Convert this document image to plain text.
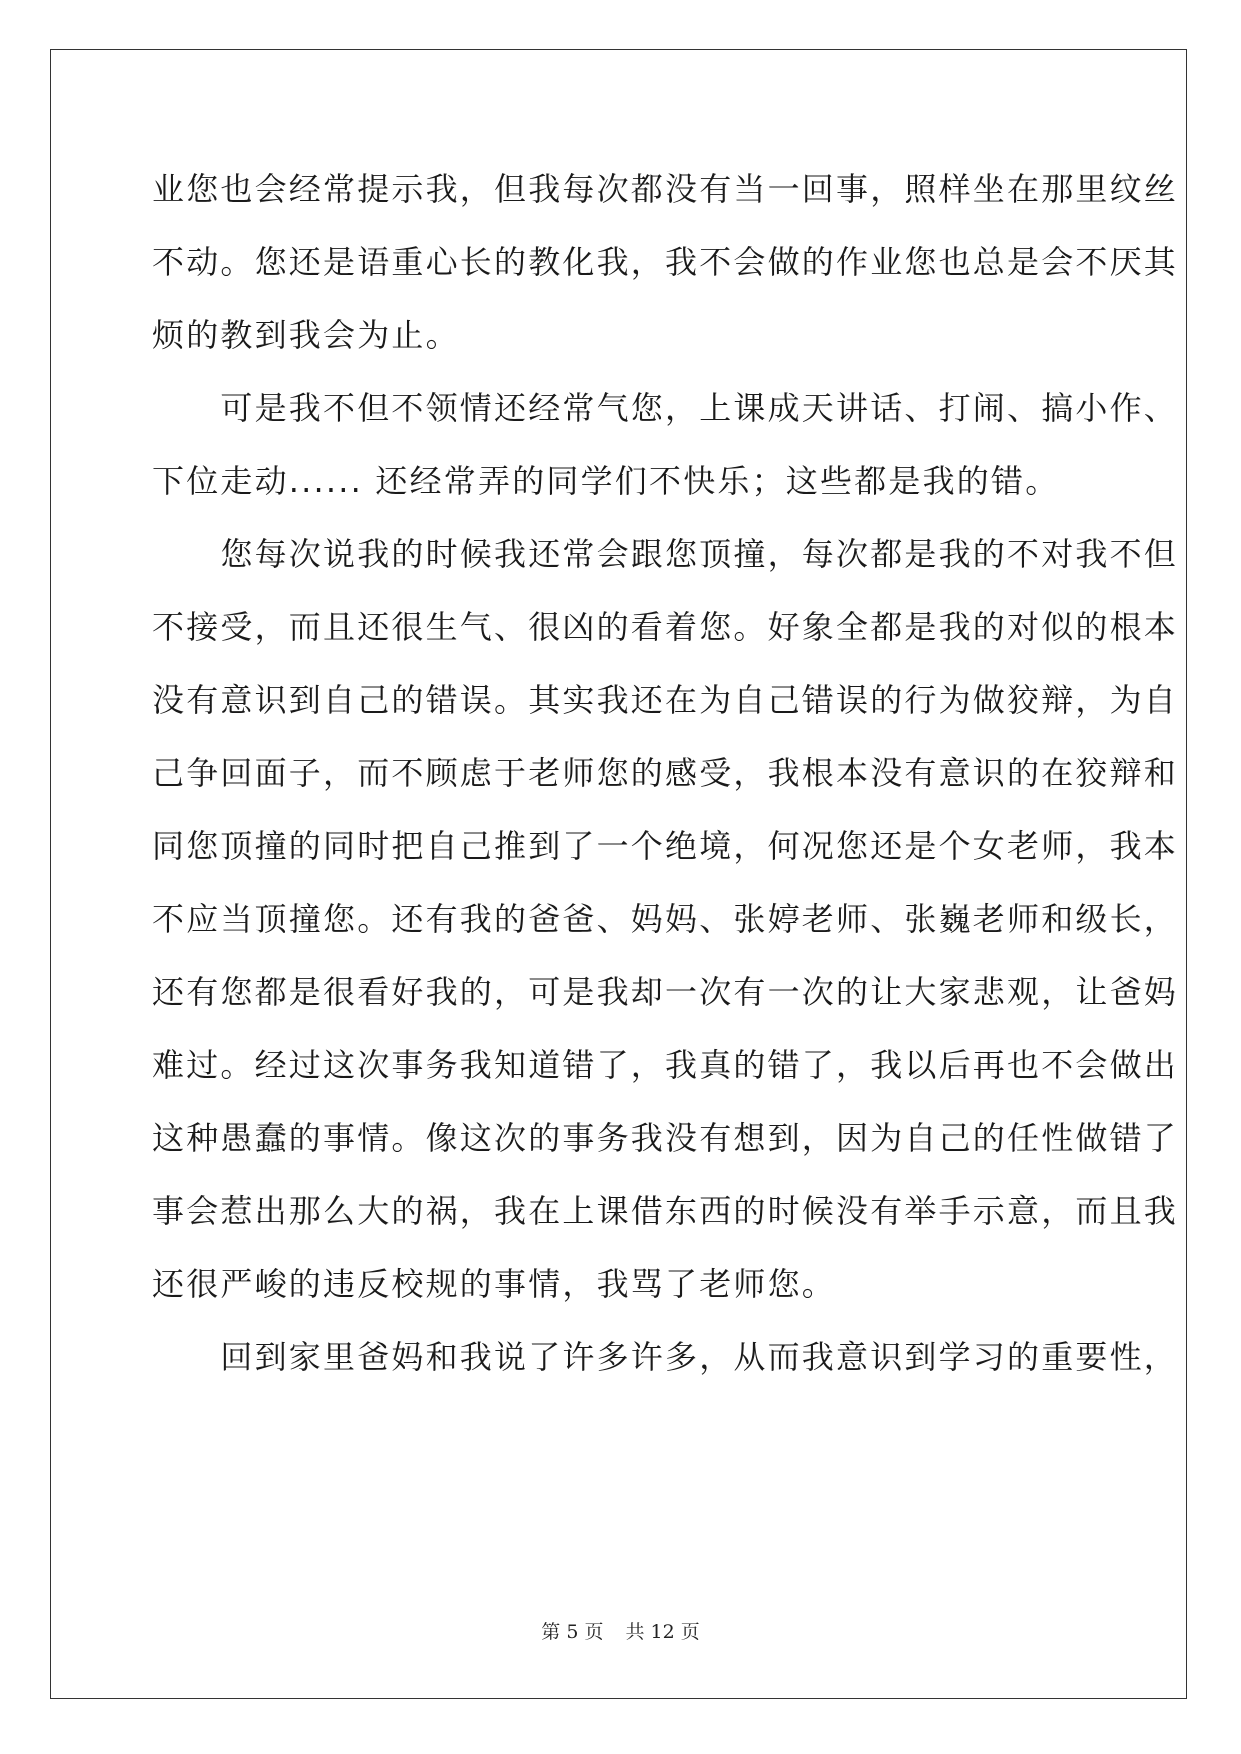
业您也会经常提示我，但我每次都没有当一回事，照样坐在那里纹丝
不动。您还是语重心长的教化我，我不会做的作业您也总是会不厌其
烦的教到我会为止。
　　可是我不但不领情还经常气您，上课成天讲话、打闹、搞小作、
下位走动...... 还经常弄的同学们不快乐；这些都是我的错。
　　您每次说我的时候我还常会跟您顶撞，每次都是我的不对我不但
不接受，而且还很生气、很凶的看着您。好象全都是我的对似的根本
没有意识到自己的错误。其实我还在为自己错误的行为做狡辩，为自
己争回面子，而不顾虑于老师您的感受，我根本没有意识的在狡辩和
同您顶撞的同时把自己推到了一个绝境，何况您还是个女老师，我本
不应当顶撞您。还有我的爸爸、妈妈、张婷老师、张巍老师和级长，
还有您都是很看好我的，可是我却一次有一次的让大家悲观，让爸妈
难过。经过这次事务我知道错了，我真的错了，我以后再也不会做出
这种愚蠢的事情。像这次的事务我没有想到，因为自己的任性做错了
事会惹出那么大的祸，我在上课借东西的时候没有举手示意，而且我
还很严峻的违反校规的事情，我骂了老师您。
　　回到家里爸妈和我说了许多许多，从而我意识到学习的重要性，
第 5 页 共 12 页
